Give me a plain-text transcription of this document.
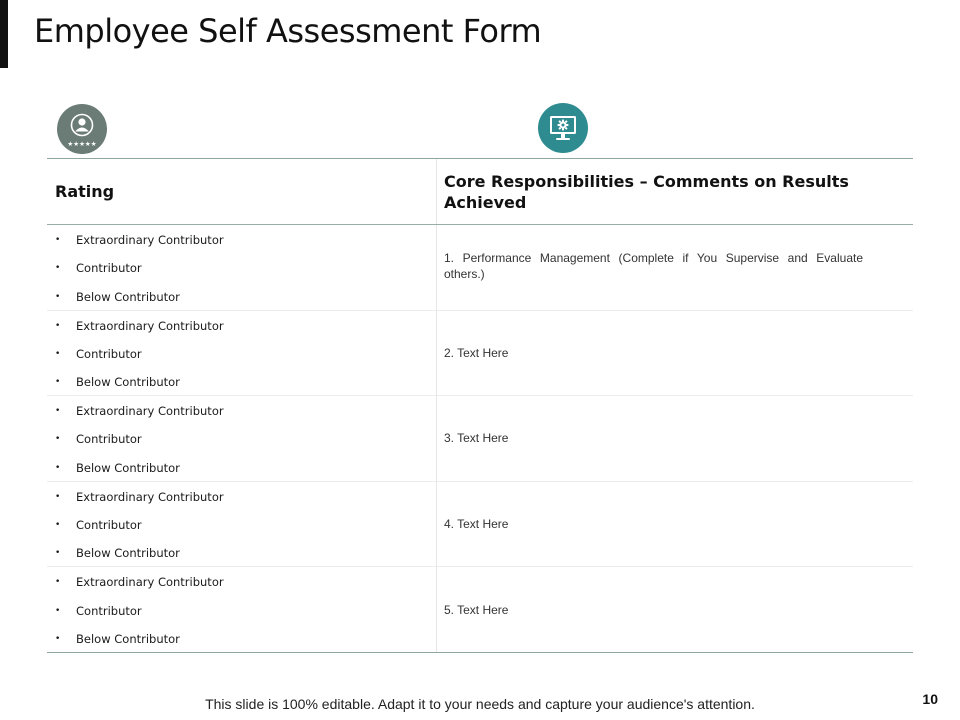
Employee Self Assessment Form
★★★★★
Rating
Core Responsibilities – Comments on Results Achieved
•	Extraordinary Contributor
•	Contributor
•	Below Contributor
1. Performance Management (Complete if You Supervise and Evaluate others.)
•	Extraordinary Contributor
•	Contributor
•	Below Contributor
2. Text Here
•	Extraordinary Contributor
•	Contributor
•	Below Contributor
3. Text Here
•	Extraordinary Contributor
•	Contributor
•	Below Contributor
4. Text Here
•	Extraordinary Contributor
•	Contributor
•	Below Contributor
5. Text Here
This slide is 100% editable. Adapt it to your needs and capture your audience's attention.	10
